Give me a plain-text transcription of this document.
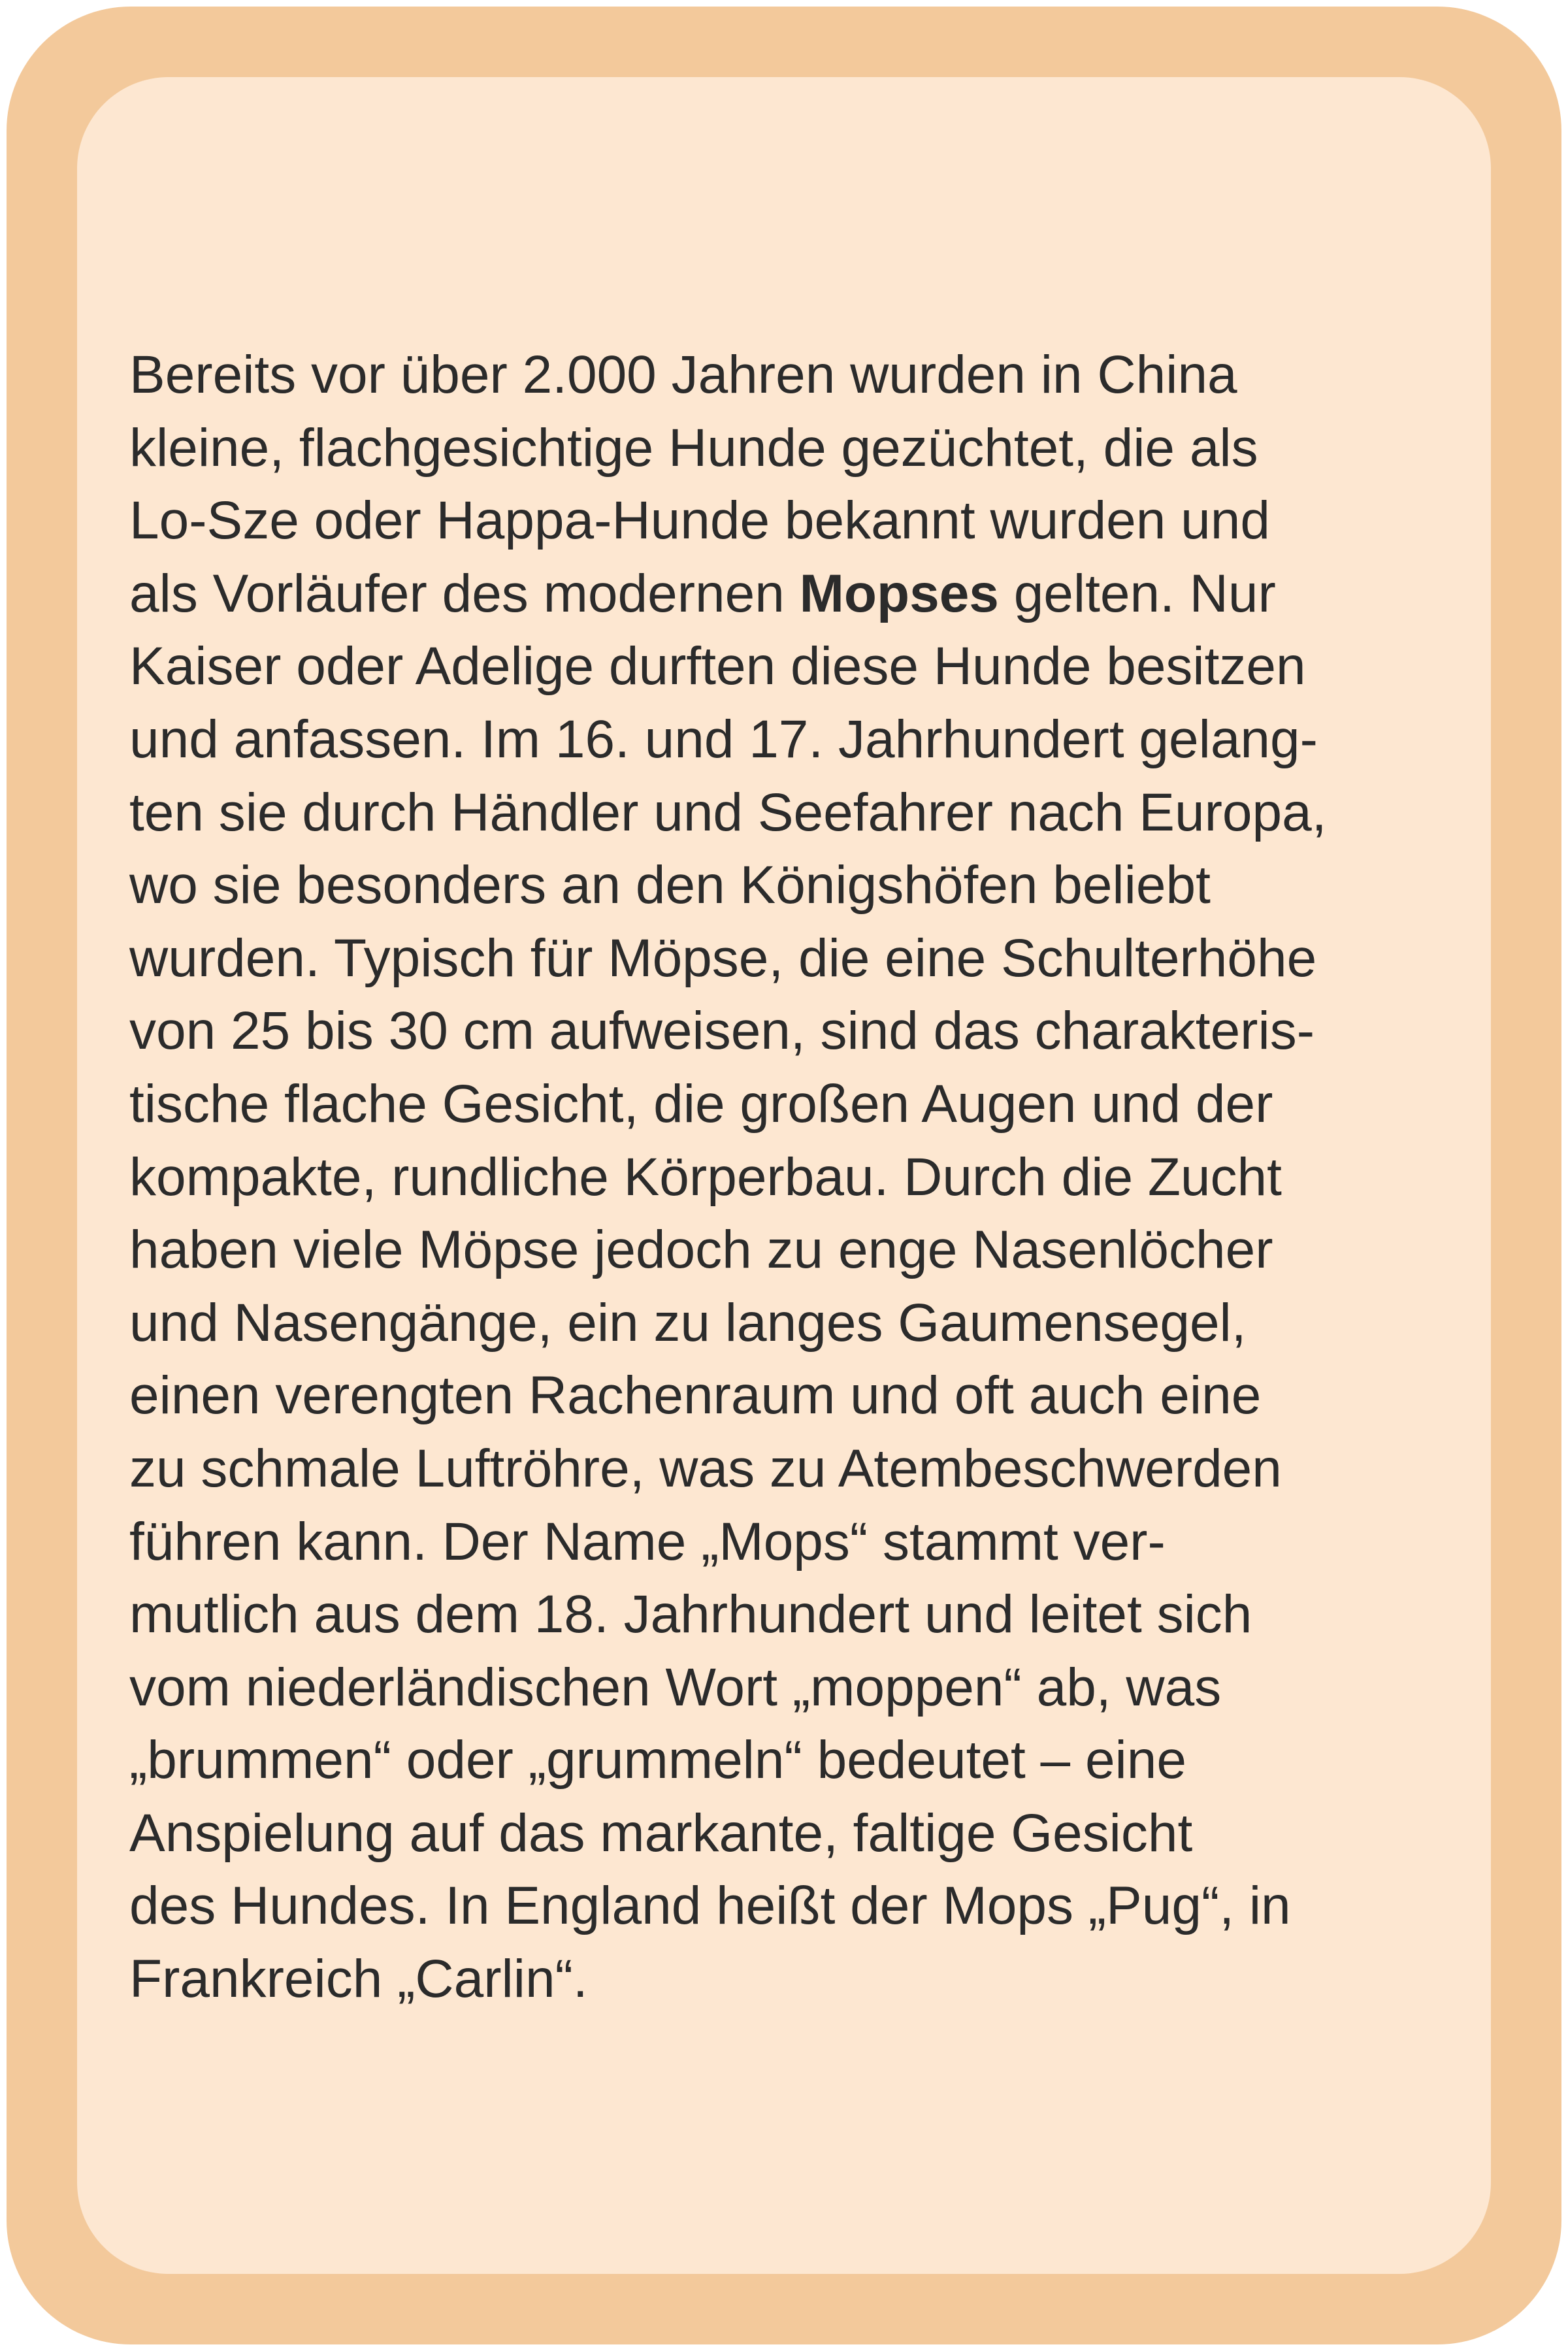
Bereits vor über 2.000 Jahren wurden in China
kleine, flachgesichtige Hunde gezüchtet, die als
Lo-Sze oder Happa-Hunde bekannt wurden und
als Vorläufer des modernen Mopses gelten. Nur
Kaiser oder Adelige durften diese Hunde besitzen
und anfassen. Im 16. und 17. Jahrhundert gelang-
ten sie durch Händler und Seefahrer nach Europa,
wo sie besonders an den Königshöfen beliebt
wurden. Typisch für Möpse, die eine Schulterhöhe
von 25 bis 30 cm aufweisen, sind das charakteris-
tische flache Gesicht, die großen Augen und der
kompakte, rundliche Körperbau. Durch die Zucht
haben viele Möpse jedoch zu enge Nasenlöcher
und Nasengänge, ein zu langes Gaumensegel,
einen verengten Rachenraum und oft auch eine
zu schmale Luftröhre, was zu Atembeschwerden
führen kann. Der Name „Mops“ stammt ver-
mutlich aus dem 18. Jahrhundert und leitet sich
vom niederländischen Wort „moppen“ ab, was
„brummen“ oder „grummeln“ bedeutet – eine
Anspielung auf das markante, faltige Gesicht
des Hundes. In England heißt der Mops „Pug“, in
Frankreich „Carlin“.
